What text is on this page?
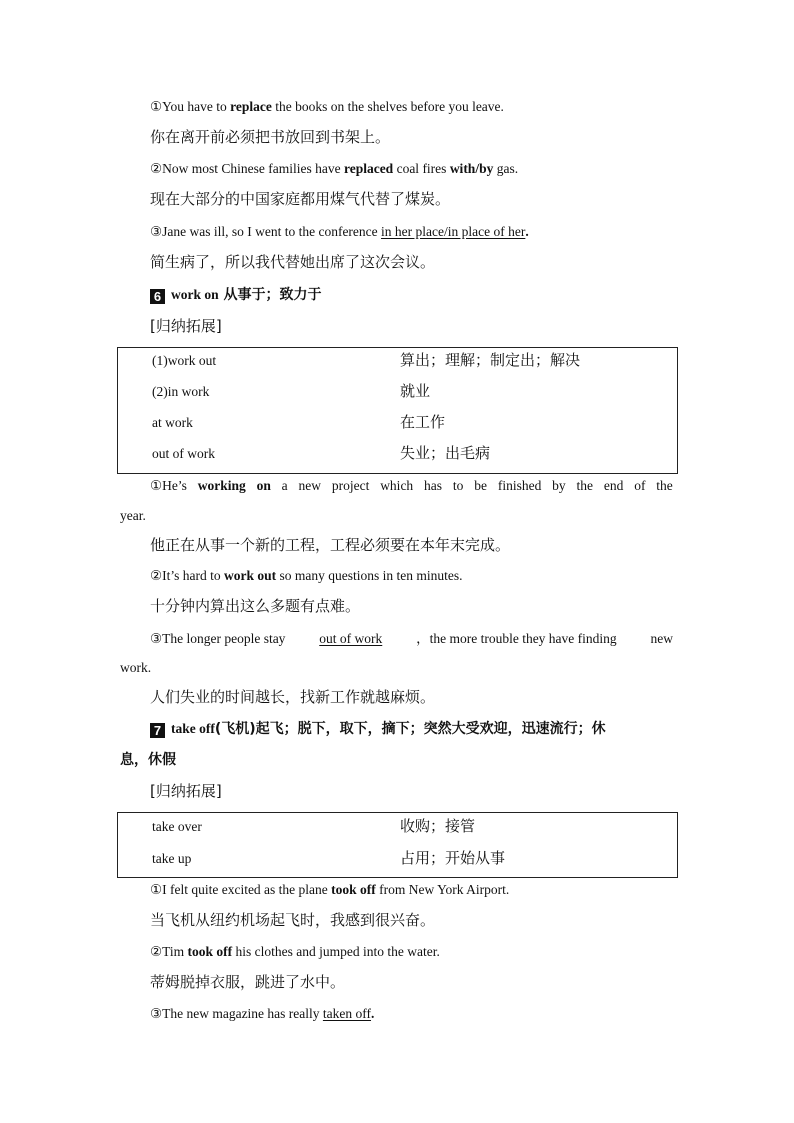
①You have to replace the books on the shelves before you leave.
你在离开前必须把书放回到书架上。
②Now most Chinese families have replaced coal fires with/by gas.
现在大部分的中国家庭都用煤气代替了煤炭。
③Jane was ill, so I went to the conference in her place/in place of her.
简生病了，所以我代替她出席了这次会议。
6 work on 从事于；致力于
[归纳拓展]
(1)work out	算出；理解；制定出；解决
(2)in work	就业
at work	在工作
out of work	失业；出毛病
①He’s working on a new project which has to be finished by the end of the
year.
他正在从事一个新的工程，工程必须要在本年末完成。
②It’s hard to work out so many questions in ten minutes.
十分钟内算出这么多题有点难。
③The longer people stay	out of work	，the more trouble they have finding	new
work.
人们失业的时间越长，找新工作就越麻烦。
7 take off(飞机)起飞；脱下，取下，摘下；突然大受欢迎，迅速流行；休
息，休假
[归纳拓展]
take over	收购；接管
take up	占用；开始从事
①I felt quite excited as the plane took off from New York Airport.
当飞机从纽约机场起飞时，我感到很兴奋。
②Tim took off his clothes and jumped into the water.
蒂姆脱掉衣服，跳进了水中。
③The new magazine has really taken off.
